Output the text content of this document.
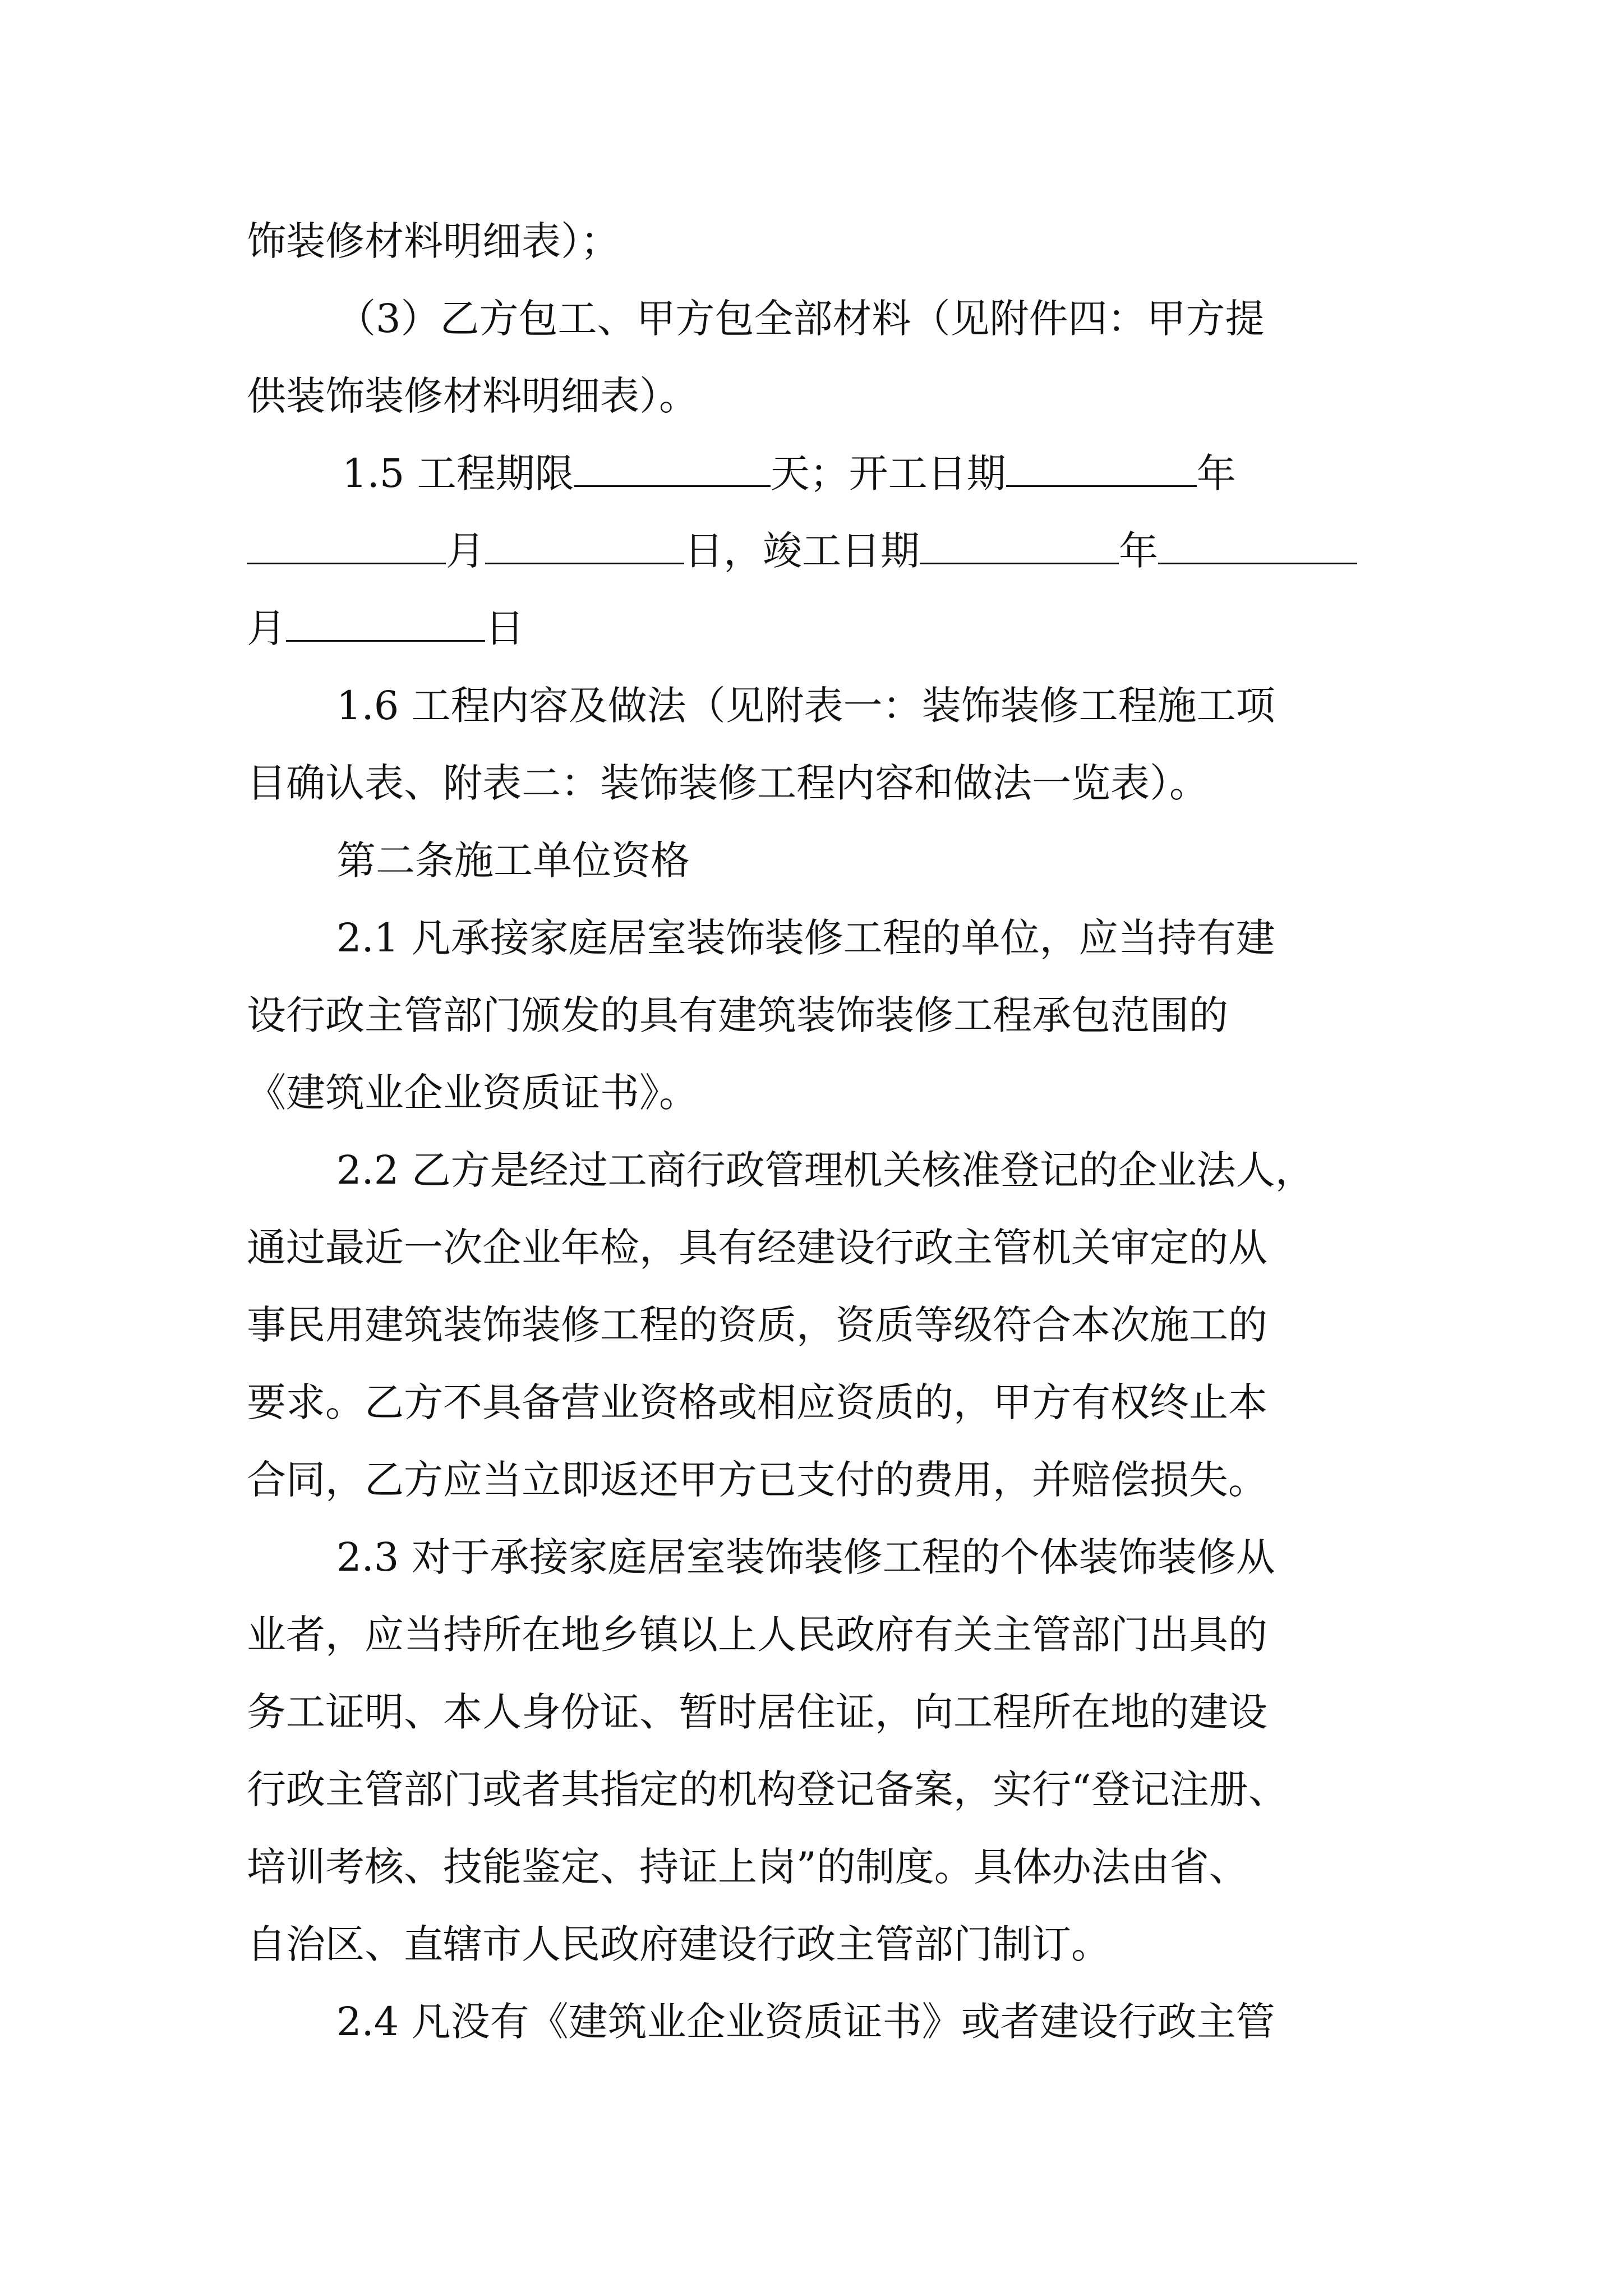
饰装修材料明细表）；
（3）乙方包工、甲方包全部材料（见附件四：甲方提
供装饰装修材料明细表）。
1.5 工程期限	天；开工日期	年
月	日，竣工日期	年
月	日
1.6 工程内容及做法（见附表一：装饰装修工程施工项
目确认表、附表二：装饰装修工程内容和做法一览表）。
第二条施工单位资格
2.1 凡承接家庭居室装饰装修工程的单位，应当持有建
设行政主管部门颁发的具有建筑装饰装修工程承包范围的
《建筑业企业资质证书》。
2.2 乙方是经过工商行政管理机关核准登记的企业法人，
通过最近一次企业年检，具有经建设行政主管机关审定的从
事民用建筑装饰装修工程的资质，资质等级符合本次施工的
要求。乙方不具备营业资格或相应资质的，甲方有权终止本
合同，乙方应当立即返还甲方已支付的费用，并赔偿损失。
2.3 对于承接家庭居室装饰装修工程的个体装饰装修从
业者，应当持所在地乡镇以上人民政府有关主管部门出具的
务工证明、本人身份证、暂时居住证，向工程所在地的建设
行政主管部门或者其指定的机构登记备案，实行“登记注册、
培训考核、技能鉴定、持证上岗”的制度。具体办法由省、
自治区、直辖市人民政府建设行政主管部门制订。
2.4 凡没有《建筑业企业资质证书》或者建设行政主管
